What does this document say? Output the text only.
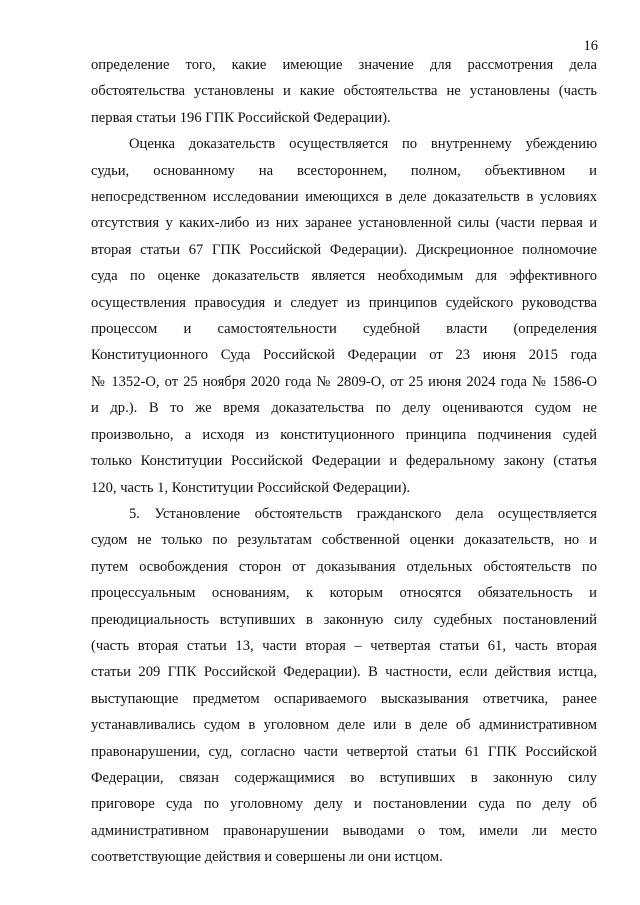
16
определение того, какие имеющие значение для рассмотрения дела
обстоятельства установлены и какие обстоятельства не установлены (часть
первая статьи 196 ГПК Российской Федерации).
Оценка доказательств осуществляется по внутреннему убеждению
судьи, основанному на всестороннем, полном, объективном и
непосредственном исследовании имеющихся в деле доказательств в условиях
отсутствия у каких-либо из них заранее установленной силы (части первая и
вторая статьи 67 ГПК Российской Федерации). Дискреционное полномочие
суда по оценке доказательств является необходимым для эффективного
осуществления правосудия и следует из принципов судейского руководства
процессом и самостоятельности судебной власти (определения
Конституционного Суда Российской Федерации от 23 июня 2015 года
№ 1352-О, от 25 ноября 2020 года № 2809-О, от 25 июня 2024 года № 1586-О
и др.). В то же время доказательства по делу оцениваются судом не
произвольно, а исходя из конституционного принципа подчинения судей
только Конституции Российской Федерации и федеральному закону (статья
120, часть 1, Конституции Российской Федерации).
5. Установление обстоятельств гражданского дела осуществляется
судом не только по результатам собственной оценки доказательств, но и
путем освобождения сторон от доказывания отдельных обстоятельств по
процессуальным основаниям, к которым относятся обязательность и
преюдициальность вступивших в законную силу судебных постановлений
(часть вторая статьи 13, части вторая – четвертая статьи 61, часть вторая
статьи 209 ГПК Российской Федерации). В частности, если действия истца,
выступающие предметом оспариваемого высказывания ответчика, ранее
устанавливались судом в уголовном деле или в деле об административном
правонарушении, суд, согласно части четвертой статьи 61 ГПК Российской
Федерации, связан содержащимися во вступивших в законную силу
приговоре суда по уголовному делу и постановлении суда по делу об
административном правонарушении выводами о том, имели ли место
соответствующие действия и совершены ли они истцом.
